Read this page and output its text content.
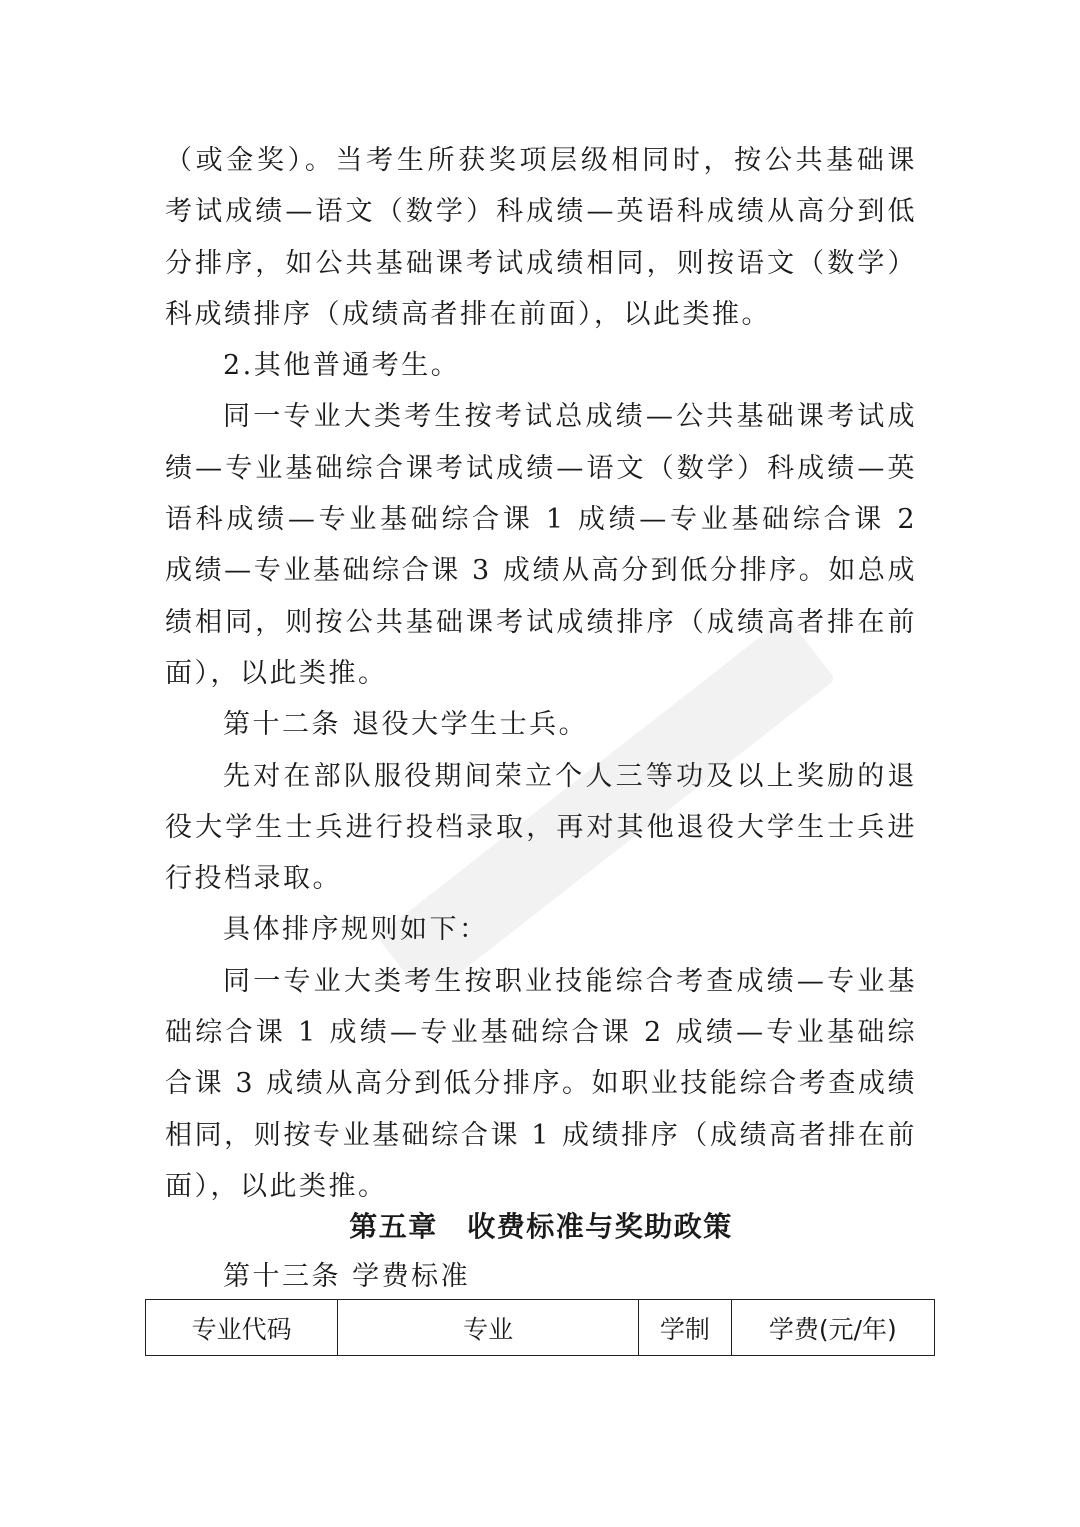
（或金奖）。当考生所获奖项层级相同时，按公共基础课考试成绩—语文（数学）科成绩—英语科成绩从高分到低分排序，如公共基础课考试成绩相同，则按语文（数学）科成绩排序（成绩高者排在前面），以此类推。

2.其他普通考生。

同一专业大类考生按考试总成绩—公共基础课考试成绩—专业基础综合课考试成绩—语文（数学）科成绩—英语科成绩—专业基础综合课 1 成绩—专业基础综合课 2 成绩—专业基础综合课 3 成绩从高分到低分排序。如总成绩相同，则按公共基础课考试成绩排序（成绩高者排在前面），以此类推。

第十二条 退役大学生士兵。

先对在部队服役期间荣立个人三等功及以上奖励的退役大学生士兵进行投档录取，再对其他退役大学生士兵进行投档录取。

具体排序规则如下：

同一专业大类考生按职业技能综合考查成绩—专业基础综合课 1 成绩—专业基础综合课 2 成绩—专业基础综合课 3 成绩从高分到低分排序。如职业技能综合考查成绩相同，则按专业基础综合课 1 成绩排序（成绩高者排在前面），以此类推。

第五章　收费标准与奖助政策
第十三条 学费标准
专业代码	专业	学制	学费(元/年)
